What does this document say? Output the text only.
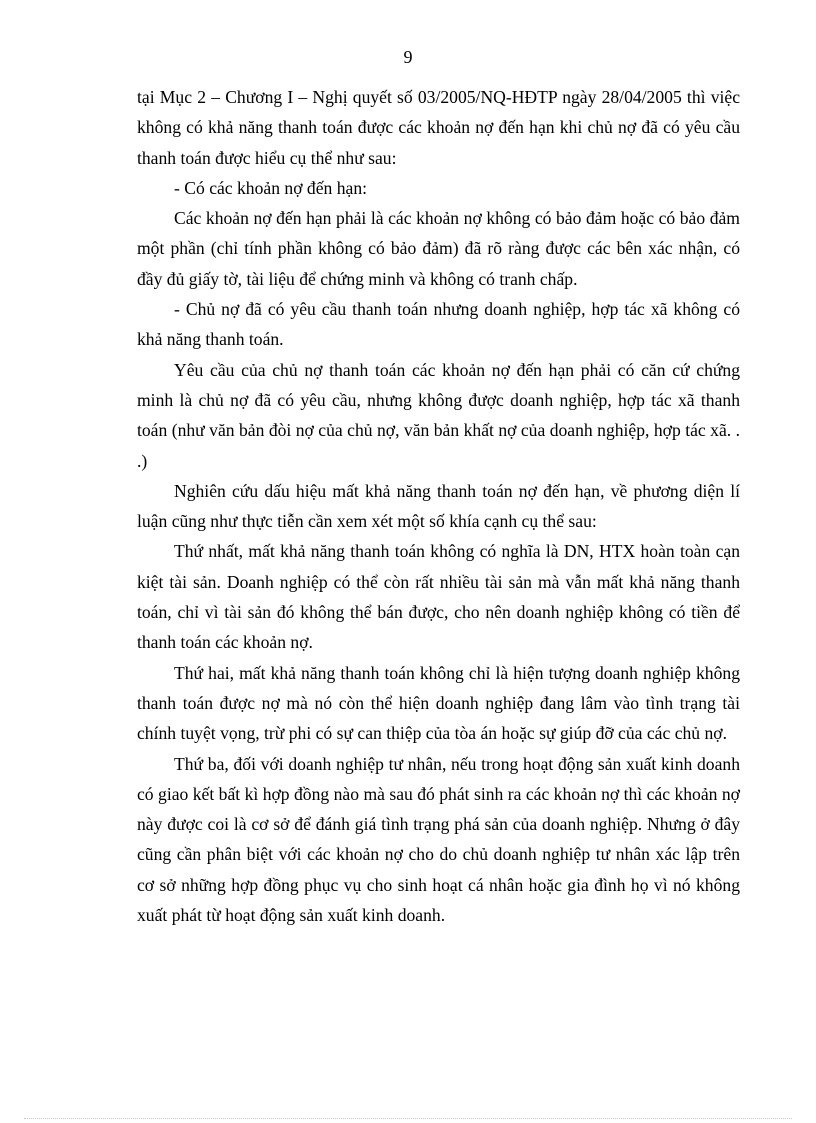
9

tại Mục 2 – Chương I – Nghị quyết số 03/2005/NQ-HĐTP ngày 28/04/2005 thì việc không có khả năng thanh toán được các khoản nợ đến hạn khi chủ nợ đã có yêu cầu thanh toán được hiểu cụ thể như sau:

- Có các khoản nợ đến hạn:

Các khoản nợ đến hạn phải là các khoản nợ không có bảo đảm hoặc có bảo đảm một phần (chỉ tính phần không có bảo đảm) đã rõ ràng được các bên xác nhận, có đầy đủ giấy tờ, tài liệu để chứng minh và không có tranh chấp.

- Chủ nợ đã có yêu cầu thanh toán nhưng doanh nghiệp, hợp tác xã không có khả năng thanh toán.

Yêu cầu của chủ nợ thanh toán các khoản nợ đến hạn phải có căn cứ chứng minh là chủ nợ đã có yêu cầu, nhưng không được doanh nghiệp, hợp tác xã thanh toán (như văn bản đòi nợ của chủ nợ, văn bản khất nợ của doanh nghiệp, hợp tác xã. . .)

Nghiên cứu dấu hiệu mất khả năng thanh toán nợ đến hạn, về phương diện lí luận cũng như thực tiễn cần xem xét một số khía cạnh cụ thể sau:

Thứ nhất, mất khả năng thanh toán không có nghĩa là DN, HTX hoàn toàn cạn kiệt tài sản. Doanh nghiệp có thể còn rất nhiều tài sản mà vẫn mất khả năng thanh toán, chỉ vì tài sản đó không thể bán được, cho nên doanh nghiệp không có tiền để thanh toán các khoản nợ.

Thứ hai, mất khả năng thanh toán không chỉ là hiện tượng doanh nghiệp không thanh toán được nợ mà nó còn thể hiện doanh nghiệp đang lâm vào tình trạng tài chính tuyệt vọng, trừ phi có sự can thiệp của tòa án hoặc sự giúp đỡ của các chủ nợ.

Thứ ba, đối với doanh nghiệp tư nhân, nếu trong hoạt động sản xuất kinh doanh có giao kết bất kì hợp đồng nào mà sau đó phát sinh ra các khoản nợ thì các khoản nợ này được coi là cơ sở để đánh giá tình trạng phá sản của doanh nghiệp. Nhưng ở đây cũng cần phân biệt với các khoản nợ cho do chủ doanh nghiệp tư nhân xác lập trên cơ sở những hợp đồng phục vụ cho sinh hoạt cá nhân hoặc gia đình họ vì nó không xuất phát từ hoạt động sản xuất kinh doanh.
